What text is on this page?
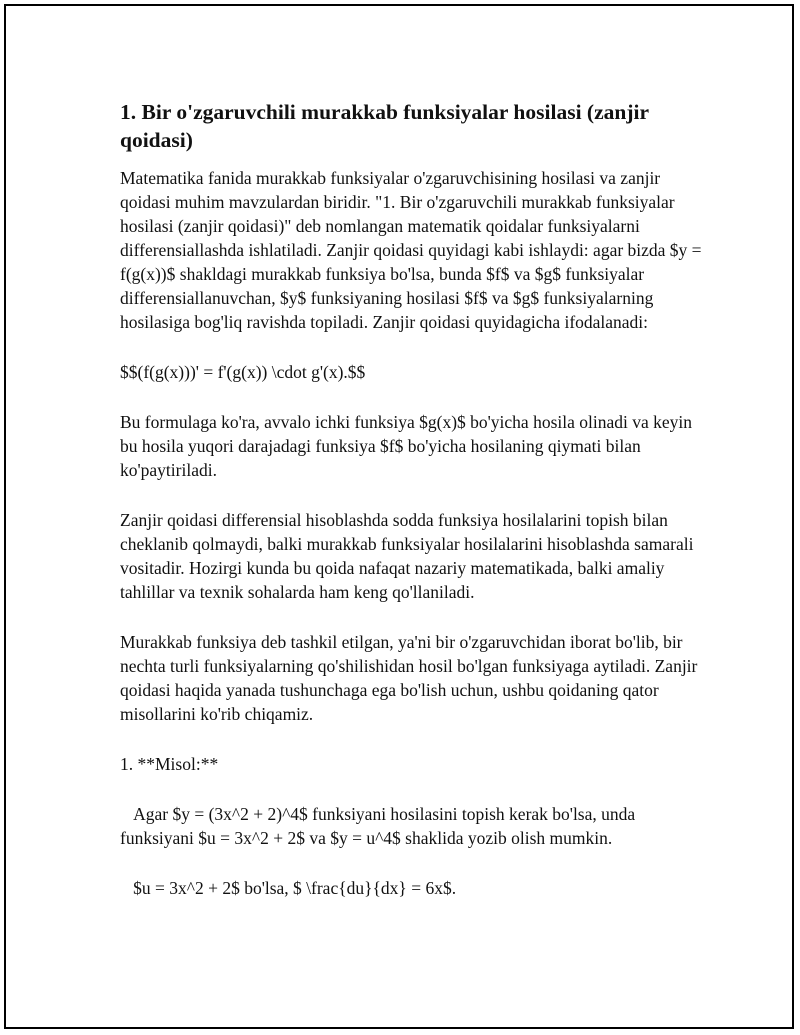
1. Bir o'zgaruvchili murakkab funksiyalar hosilasi (zanjir qoidasi)

Matematika fanida murakkab funksiyalar o'zgaruvchisining hosilasi va zanjir qoidasi muhim mavzulardan biridir. "1. Bir o'zgaruvchili murakkab funksiyalar hosilasi (zanjir qoidasi)" deb nomlangan matematik qoidalar funksiyalarni differensiallashda ishlatiladi. Zanjir qoidasi quyidagi kabi ishlaydi: agar bizda $y = f(g(x))$ shakldagi murakkab funksiya bo'lsa, bunda $f$ va $g$ funksiyalar differensiallanuvchan, $y$ funksiyaning hosilasi $f$ va $g$ funksiyalarning hosilasiga bog'liq ravishda topiladi. Zanjir qoidasi quyidagicha ifodalanadi:

$$(f(g(x)))' = f'(g(x)) \cdot g'(x).$$

Bu formulaga ko'ra, avvalo ichki funksiya $g(x)$ bo'yicha hosila olinadi va keyin bu hosila yuqori darajadagi funksiya $f$ bo'yicha hosilaning qiymati bilan ko'paytiriladi.

Zanjir qoidasi differensial hisoblashda sodda funksiya hosilalarini topish bilan cheklanib qolmaydi, balki murakkab funksiyalar hosilalarini hisoblashda samarali vositadir. Hozirgi kunda bu qoida nafaqat nazariy matematikada, balki amaliy tahlillar va texnik sohalarda ham keng qo'llaniladi.

Murakkab funksiya deb tashkil etilgan, ya'ni bir o'zgaruvchidan iborat bo'lib, bir nechta turli funksiyalarning qo'shilishidan hosil bo'lgan funksiyaga aytiladi. Zanjir qoidasi haqida yanada tushunchaga ega bo'lish uchun, ushbu qoidaning qator misollarini ko'rib chiqamiz.

1. **Misol:**

Agar $y = (3x^2 + 2)^4$ funksiyani hosilasini topish kerak bo'lsa, unda funksiyani $u = 3x^2 + 2$ va $y = u^4$ shaklida yozib olish mumkin.

$u = 3x^2 + 2$ bo'lsa, $ \frac{du}{dx} = 6x$.
